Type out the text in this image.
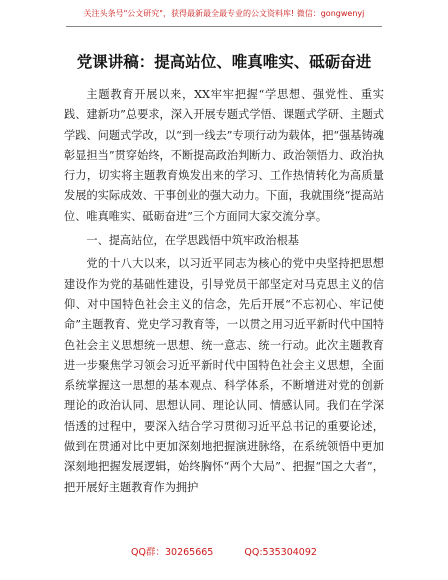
关注头条号"公文研究"，获得最新最全最专业的公文资料库! 微信：gongwenyj
党课讲稿：提高站位、唯真唯实、砥砺奋进

主题教育开展以来，XX牢牢把握“学思想、强党性、重实践、建新功”总要求，深入开展专题式学悟、课题式学研、主题式学践、问题式学改，以“到一线去”专项行动为载体，把“强基铸魂彰显担当”贯穿始终，不断提高政治判断力、政治领悟力、政治执行力，切实将主题教育焕发出来的学习、工作热情转化为高质量发展的实际成效、干事创业的强大动力。下面，我就围绕“提高站位、唯真唯实、砥砺奋进”三个方面同大家交流分享。

一、提高站位，在学思践悟中筑牢政治根基

党的十八大以来，以习近平同志为核心的党中央坚持把思想建设作为党的基础性建设，引导党员干部坚定对马克思主义的信仰、对中国特色社会主义的信念，先后开展“不忘初心、牢记使命”主题教育、党史学习教育等，一以贯之用习近平新时代中国特色社会主义思想统一思想、统一意志、统一行动。此次主题教育进一步聚焦学习领会习近平新时代中国特色社会主义思想，全面系统掌握这一思想的基本观点、科学体系，不断增进对党的创新理论的政治认同、思想认同、理论认同、情感认同。我们在学深悟透的过程中，要深入结合学习贯彻习近平总书记的重要论述，做到在贯通对比中更加深刻地把握演进脉络，在系统领悟中更加深刻地把握发展逻辑，始终胸怀“两个大局”、把握“国之大者”，把开展好主题教育作为拥护

QQ群：30265665	QQ:535304092
